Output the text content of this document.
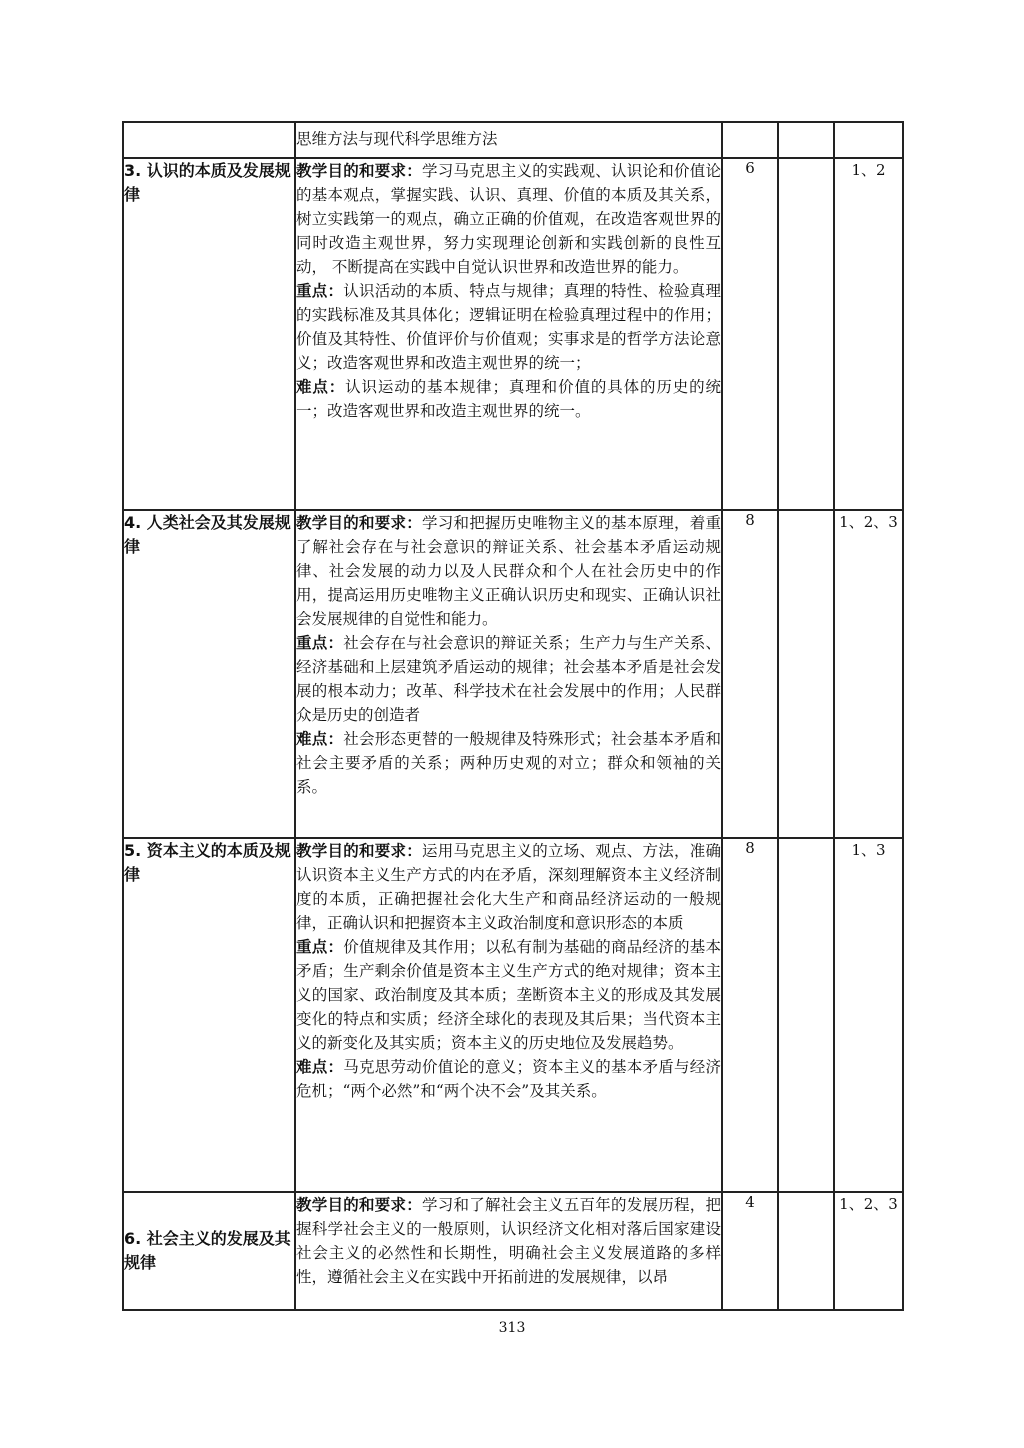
	思维方法与现代科学思维方法			

3. 认识的本质及发展规律	教学目的和要求：学习马克思主义的实践观、认识论和价值论的基本观点，掌握实践、认识、真理、价值的本质及其关系，树立实践第一的观点，确立正确的价值观，在改造客观世界的同时改造主观世界，努力实现理论创新和实践创新的良性互动， 不断提高在实践中自觉认识世界和改造世界的能力。

重点：认识活动的本质、特点与规律；真理的特性、检验真理的实践标准及其具体化；逻辑证明在检验真理过程中的作用；价值及其特性、价值评价与价值观；实事求是的哲学方法论意义；改造客观世界和改造主观世界的统一；

难点：认识运动的基本规律；真理和价值的具体的历史的统一；改造客观世界和改造主观世界的统一。	6		1、2
4. 人类社会及其发展规律	教学目的和要求：学习和把握历史唯物主义的基本原理，着重了解社会存在与社会意识的辩证关系、社会基本矛盾运动规律、社会发展的动力以及人民群众和个人在社会历史中的作用，提高运用历史唯物主义正确认识历史和现实、正确认识社会发展规律的自觉性和能力。

重点：社会存在与社会意识的辩证关系；生产力与生产关系、经济基础和上层建筑矛盾运动的规律；社会基本矛盾是社会发展的根本动力；改革、科学技术在社会发展中的作用；人民群众是历史的创造者

难点：社会形态更替的一般规律及特殊形式；社会基本矛盾和社会主要矛盾的关系；两种历史观的对立；群众和领袖的关系。	8		1、2、3
5. 资本主义的本质及规律	教学目的和要求：运用马克思主义的立场、观点、方法，准确认识资本主义生产方式的内在矛盾，深刻理解资本主义经济制度的本质，正确把握社会化大生产和商品经济运动的一般规律，正确认识和把握资本主义政治制度和意识形态的本质

重点：价值规律及其作用；以私有制为基础的商品经济的基本矛盾；生产剩余价值是资本主义生产方式的绝对规律；资本主义的国家、政治制度及其本质；垄断资本主义的形成及其发展变化的特点和实质；经济全球化的表现及其后果；当代资本主义的新变化及其实质；资本主义的历史地位及发展趋势。

难点：马克思劳动价值论的意义；资本主义的基本矛盾与经济危机；“两个必然”和“两个决不会”及其关系。	8		1、3
6. 社会主义的发展及其规律	教学目的和要求：学习和了解社会主义五百年的发展历程，把握科学社会主义的一般原则，认识经济文化相对落后国家建设社会主义的必然性和长期性，明确社会主义发展道路的多样性，遵循社会主义在实践中开拓前进的发展规律，以昂	4		1、2、3
313
